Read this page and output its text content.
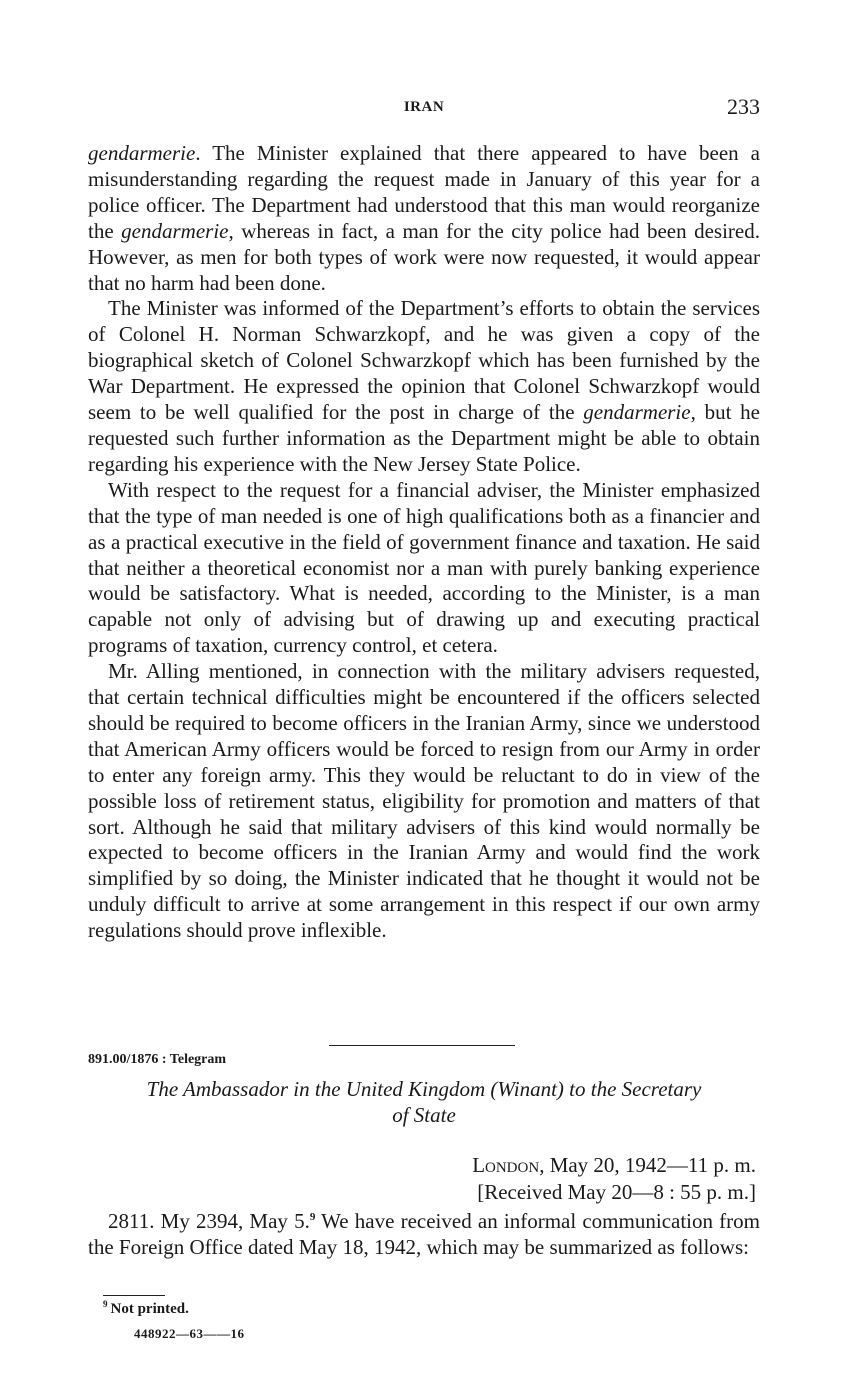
IRAN	233

gendarmerie. The Minister explained that there appeared to have been a misunderstanding regarding the request made in January of this year for a police officer. The Department had understood that this man would reorganize the gendarmerie, whereas in fact, a man for the city police had been desired. However, as men for both types of work were now requested, it would appear that no harm had been done.

The Minister was informed of the Department’s efforts to obtain the services of Colonel H. Norman Schwarzkopf, and he was given a copy of the biographical sketch of Colonel Schwarzkopf which has been furnished by the War Department. He expressed the opinion that Colonel Schwarzkopf would seem to be well qualified for the post in charge of the gendarmerie, but he requested such further information as the Department might be able to obtain regarding his experience with the New Jersey State Police.

With respect to the request for a financial adviser, the Minister emphasized that the type of man needed is one of high qualifications both as a financier and as a practical executive in the field of government finance and taxation. He said that neither a theoretical economist nor a man with purely banking experience would be satisfactory. What is needed, according to the Minister, is a man capable not only of advising but of drawing up and executing practical programs of taxation, currency control, et cetera.

Mr. Alling mentioned, in connection with the military advisers requested, that certain technical difficulties might be encountered if the officers selected should be required to become officers in the Iranian Army, since we understood that American Army officers would be forced to resign from our Army in order to enter any foreign army. This they would be reluctant to do in view of the possible loss of retirement status, eligibility for promotion and matters of that sort. Although he said that military advisers of this kind would normally be expected to become officers in the Iranian Army and would find the work simplified by so doing, the Minister indicated that he thought it would not be unduly difficult to arrive at some arrangement in this respect if our own army regulations should prove inflexible.

891.00/1876 : Telegram
The Ambassador in the United Kingdom (Winant) to the Secretary
of State
London, May 20, 1942—11 p. m.
[Received May 20—8 : 55 p. m.]

2811. My 2394, May 5.$^9$ We have received an informal communication from the Foreign Office dated May 18, 1942, which may be summarized as follows:

$^9$ Not printed.
448922—63——16
